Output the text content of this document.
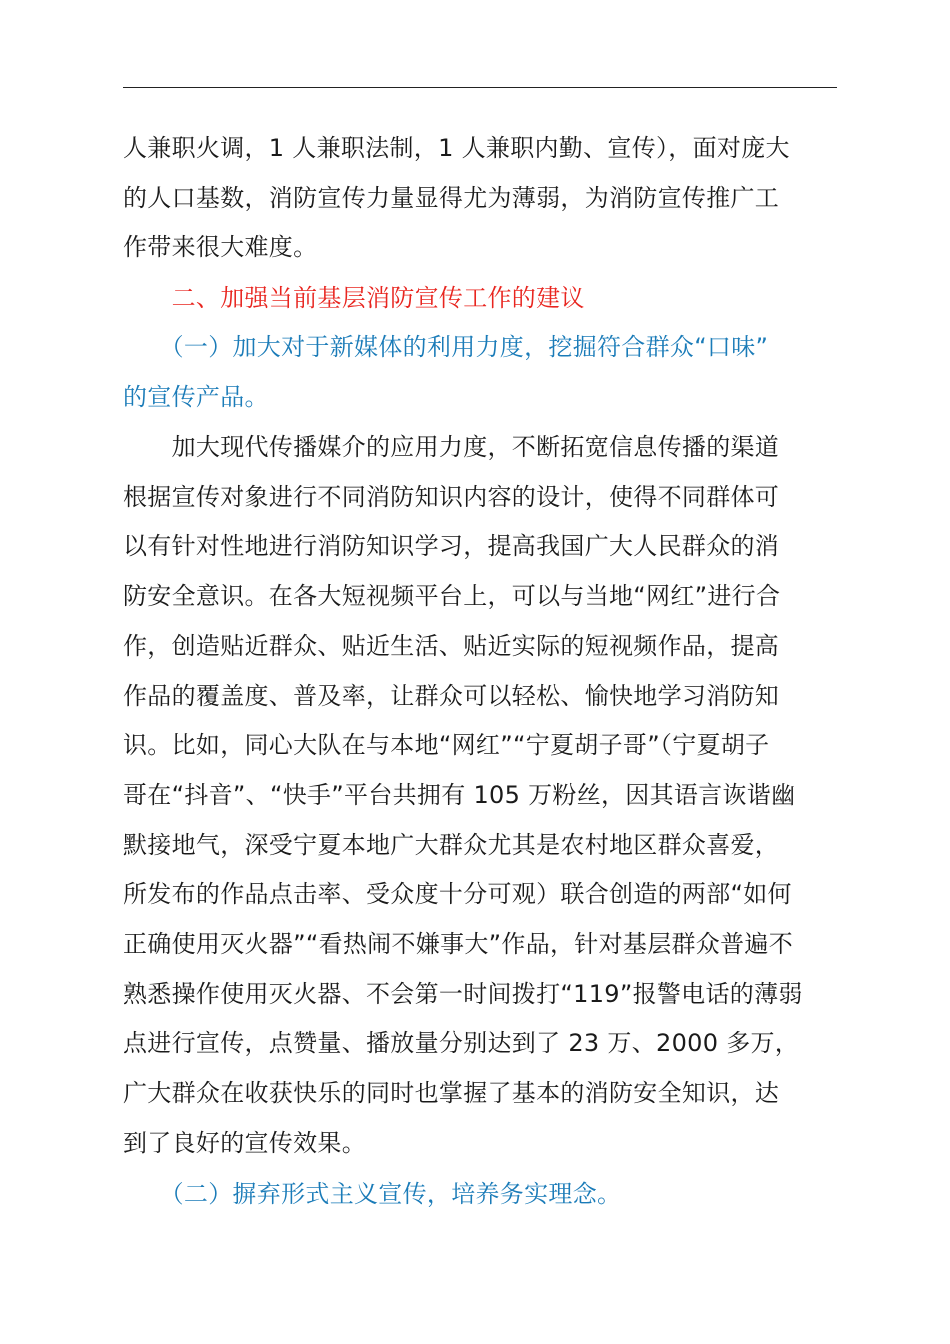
人兼职火调，1 人兼职法制，1 人兼职内勤、宣传），面对庞大
的人口基数，消防宣传力量显得尤为薄弱，为消防宣传推广工
作带来很大难度。
　　二、加强当前基层消防宣传工作的建议
　　（一）加大对于新媒体的利用力度，挖掘符合群众“口味”
的宣传产品。
　　加大现代传播媒介的应用力度，不断拓宽信息传播的渠道
根据宣传对象进行不同消防知识内容的设计，使得不同群体可
以有针对性地进行消防知识学习，提高我国广大人民群众的消
防安全意识。在各大短视频平台上，可以与当地“网红”进行合
作，创造贴近群众、贴近生活、贴近实际的短视频作品，提高
作品的覆盖度、普及率，让群众可以轻松、愉快地学习消防知
识。比如，同心大队在与本地“网红”“宁夏胡子哥”（宁夏胡子
哥在“抖音”、“快手”平台共拥有 105 万粉丝，因其语言诙谐幽
默接地气，深受宁夏本地广大群众尤其是农村地区群众喜爱，
所发布的作品点击率、受众度十分可观）联合创造的两部“如何
正确使用灭火器”“看热闹不嫌事大”作品，针对基层群众普遍不
熟悉操作使用灭火器、不会第一时间拨打“119”报警电话的薄弱
点进行宣传，点赞量、播放量分别达到了 23 万、2000 多万，
广大群众在收获快乐的同时也掌握了基本的消防安全知识，达
到了良好的宣传效果。
　　（二）摒弃形式主义宣传，培养务实理念。
